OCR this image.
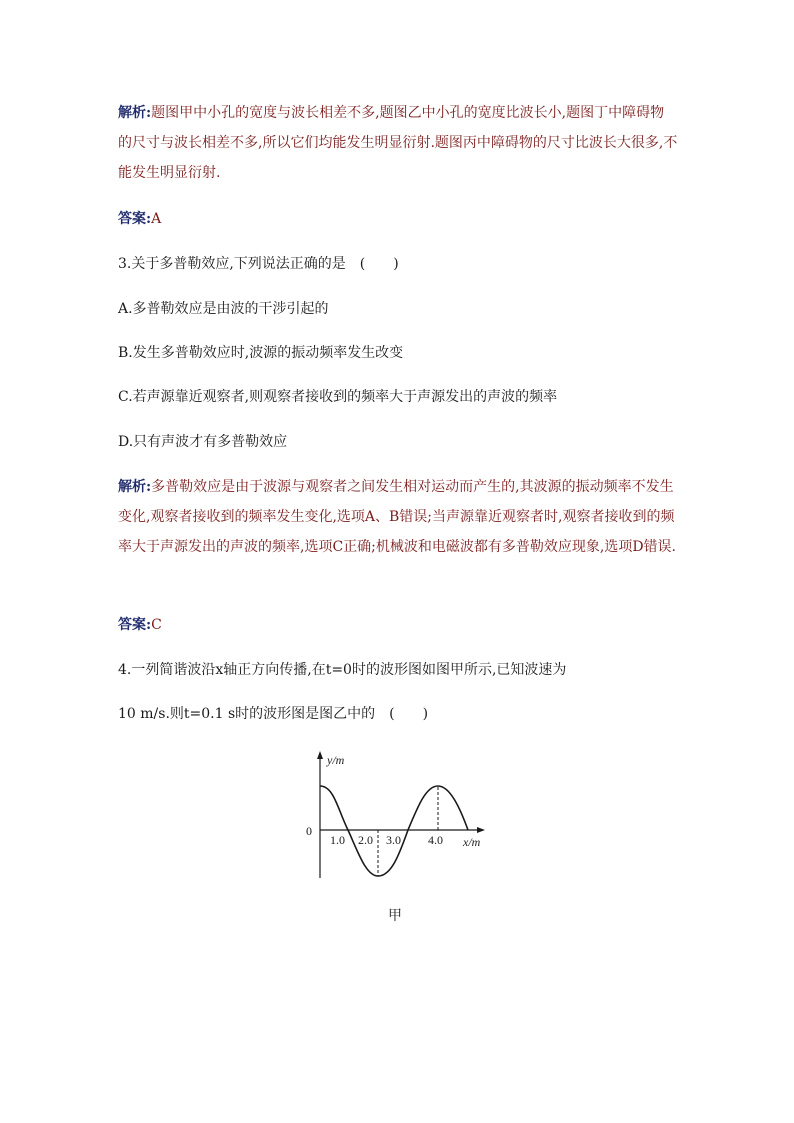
解析:题图甲中小孔的宽度与波长相差不多,题图乙中小孔的宽度比波长小,题图丁中障碍物的尺寸与波长相差不多,所以它们均能发生明显衍射.题图丙中障碍物的尺寸比波长大很多,不能发生明显衍射.

答案:A

3.关于多普勒效应,下列说法正确的是　(　　)

A.多普勒效应是由波的干涉引起的

B.发生多普勒效应时,波源的振动频率发生改变

C.若声源靠近观察者,则观察者接收到的频率大于声源发出的声波的频率

D.只有声波才有多普勒效应

解析:多普勒效应是由于波源与观察者之间发生相对运动而产生的,其波源的振动频率不发生变化,观察者接收到的频率发生变化,选项A、B错误;当声源靠近观察者时,观察者接收到的频率大于声源发出的声波的频率,选项C正确;机械波和电磁波都有多普勒效应现象,选项D错误.

答案:C

4.一列简谐波沿x轴正方向传播,在t=0时的波形图如图甲所示,已知波速为

10 m/s.则t=0.1 s时的波形图是图乙中的　(　　)

y/m
x/m
0
1.0 2.0 3.0 4.0
甲
